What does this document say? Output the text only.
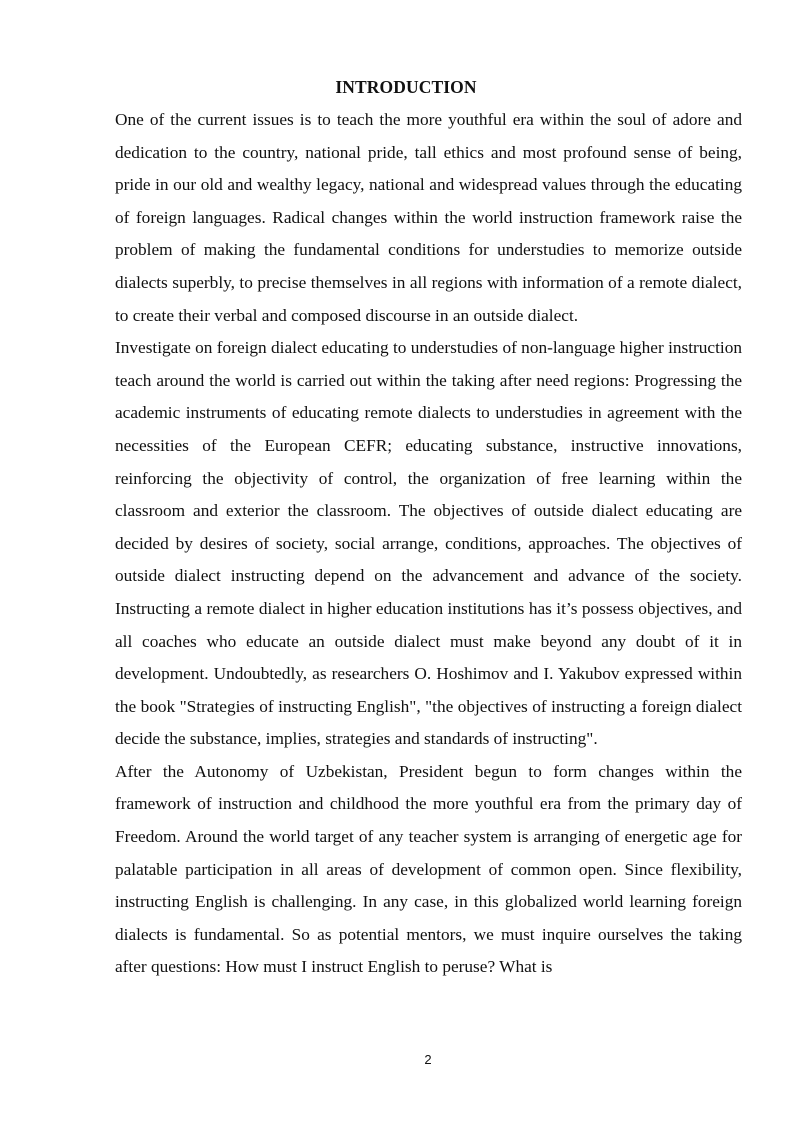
INTRODUCTION

One of the current issues is to teach the more youthful era within the soul of adore and dedication to the country, national pride, tall ethics and most profound sense of being, pride in our old and wealthy legacy, national and widespread values through the educating of foreign languages. Radical changes within the world instruction framework raise the problem of making the fundamental conditions for understudies to memorize outside dialects superbly, to precise themselves in all regions with information of a remote dialect, to create their verbal and composed discourse in an outside dialect.

Investigate on foreign dialect educating to understudies of non-language higher instruction teach around the world is carried out within the taking after need regions: Progressing the academic instruments of educating remote dialects to understudies in agreement with the necessities of the European CEFR; educating substance, instructive innovations, reinforcing the objectivity of control, the organization of free learning within the classroom and exterior the classroom. The objectives of outside dialect educating are decided by desires of society, social arrange, conditions, approaches. The objectives of outside dialect instructing depend on the advancement and advance of the society. Instructing a remote dialect in higher education institutions has it’s possess objectives, and all coaches who educate an outside dialect must make beyond any doubt of it in development. Undoubtedly, as researchers O. Hoshimov and I. Yakubov expressed within the book "Strategies of instructing English", "the objectives of instructing a foreign dialect decide the substance, implies, strategies and standards of instructing".

After the Autonomy of Uzbekistan, President begun to form changes within the framework of instruction and childhood the more youthful era from the primary day of Freedom. Around the world target of any teacher system is arranging of energetic age for palatable participation in all areas of development of common open. Since flexibility, instructing English is challenging. In any case, in this globalized world learning foreign dialects is fundamental. So as potential mentors, we must inquire ourselves the taking after questions: How must I instruct English to peruse? What is

2
